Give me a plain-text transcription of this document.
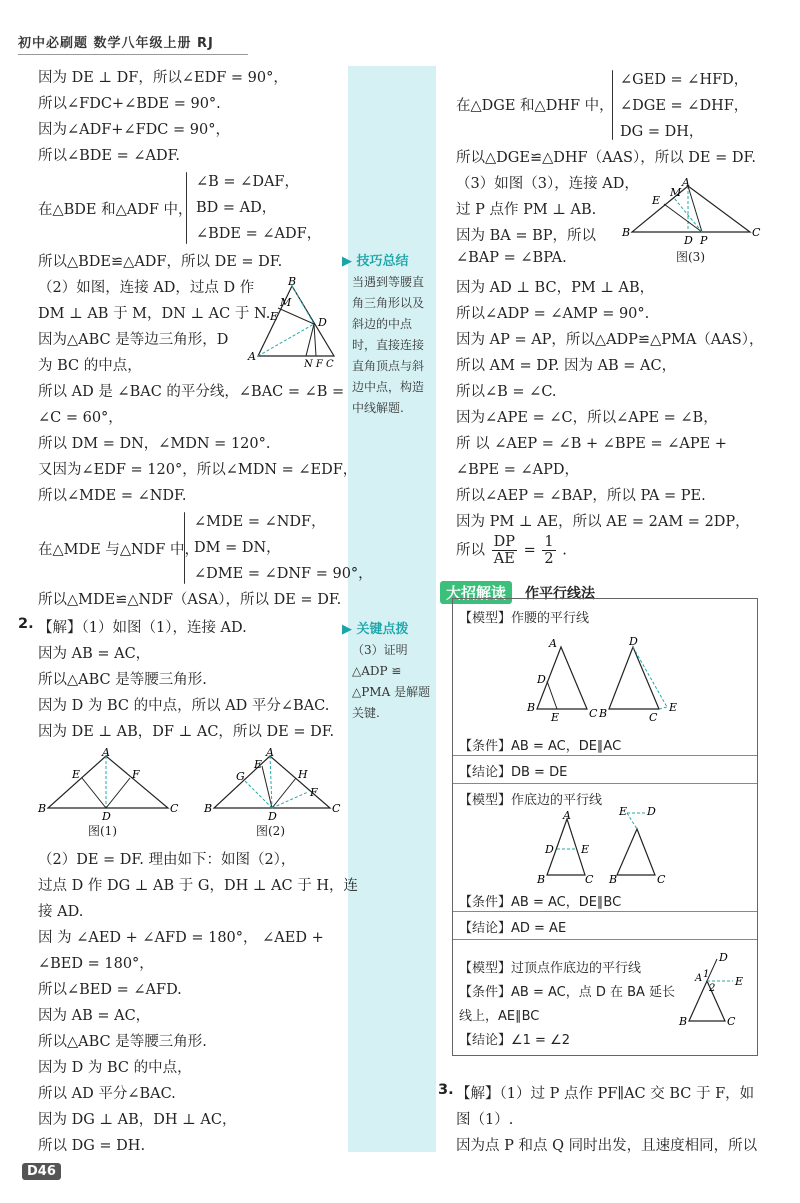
初中必刷题 数学八年级上册 RJ
▶ 技巧总结
当遇到等腰直角三角形以及斜边的中点时，直接连接直角顶点与斜边中点，构造中线解题.
▶ 关键点拨
（3）证明△ADP ≌ △PMA 是解题关键.
因为 DE ⊥ DF，所以∠EDF = 90°，
所以∠FDC+∠BDE = 90°.
因为∠ADF+∠FDC = 90°，
所以∠BDE = ∠ADF.
在△BDE 和△ADF 中，
∠B = ∠DAF，
BD = AD，
∠BDE = ∠ADF，
所以△BDE≌△ADF，所以 DE = DF.
（2）如图，连接 AD，过点 D 作
DM ⊥ AB 于 M，DN ⊥ AC 于 N.
因为△ABC 是等边三角形，D
为 BC 的中点，
所以 AD 是 ∠BAC 的平分线，∠BAC = ∠B =
∠C = 60°，
所以 DM = DN，∠MDN = 120°.
又因为∠EDF = 120°，所以∠MDN = ∠EDF，
所以∠MDE = ∠NDF.
在△MDE 与△NDF 中，
∠MDE = ∠NDF，
DM = DN，
∠DME = ∠DNF = 90°，
所以△MDE≌△NDF（ASA），所以 DE = DF.
2. 【解】（1）如图（1），连接 AD.
因为 AB = AC，
所以△ABC 是等腰三角形.
因为 D 为 BC 的中点，所以 AD 平分∠BAC.
因为 DE ⊥ AB，DF ⊥ AC，所以 DE = DF.
图(1)	图(2)
（2）DE = DF. 理由如下：如图（2），
过点 D 作 DG ⊥ AB 于 G，DH ⊥ AC 于 H，连
接 AD.
因 为 ∠AED + ∠AFD = 180°， ∠AED +
∠BED = 180°，
所以∠BED = ∠AFD.
因为 AB = AC，
所以△ABC 是等腰三角形.
因为 D 为 BC 的中点，
所以 AD 平分∠BAC.
因为 DG ⊥ AB，DH ⊥ AC，
所以 DG = DH.
B
A
M
E	D
N F C
A
B	C
D
E	F
A
B	C
D
G
E
H
F
∠GED = ∠HFD，
在△DGE 和△DHF 中， ∠DGE = ∠DHF，
DG = DH，
所以△DGE≌△DHF（AAS），所以 DE = DF.
（3）如图（3），连接 AD，
过 P 点作 PM ⊥ AB.
因为 BA = BP，所以
∠BAP = ∠BPA.	图(3)
因为 AD ⊥ BC，PM ⊥ AB，
所以∠ADP = ∠AMP = 90°.
因为 AP = AP，所以△ADP≌△PMA（AAS），
所以 AM = DP. 因为 AB = AC，
所以∠B = ∠C.
因为∠APE = ∠C，所以∠APE = ∠B，
所 以 ∠AEP = ∠B + ∠BPE = ∠APE +
∠BPE = ∠APD，
所以∠AEP = ∠BAP，所以 PA = PE.
因为 PM ⊥ AE，所以 AE = 2AM = 2DP，
所以 $\frac{DP}{AE} = \frac{1}{2}$ .
A
E
M
B	C
D P
大招解读	作平行线法
【模型】作腰的平行线
【条件】AB = AC，DE∥AC
【结论】DB = DE
【模型】作底边的平行线
【条件】AB = AC，DE∥BC
【结论】AD = AE
【模型】过顶点作底边的平行线
【条件】AB = AC，点 D 在 BA 延长
线上，AE∥BC
【结论】∠1 = ∠2
A
D
B
E	C
D
B	C
E
A
D E
B	C
E D
B	C
D
A 1
2
E
B	C
3. 【解】（1）过 P 点作 PF∥AC 交 BC 于 F，如
图（1）.
因为点 P 和点 Q 同时出发，且速度相同，所以
D46
